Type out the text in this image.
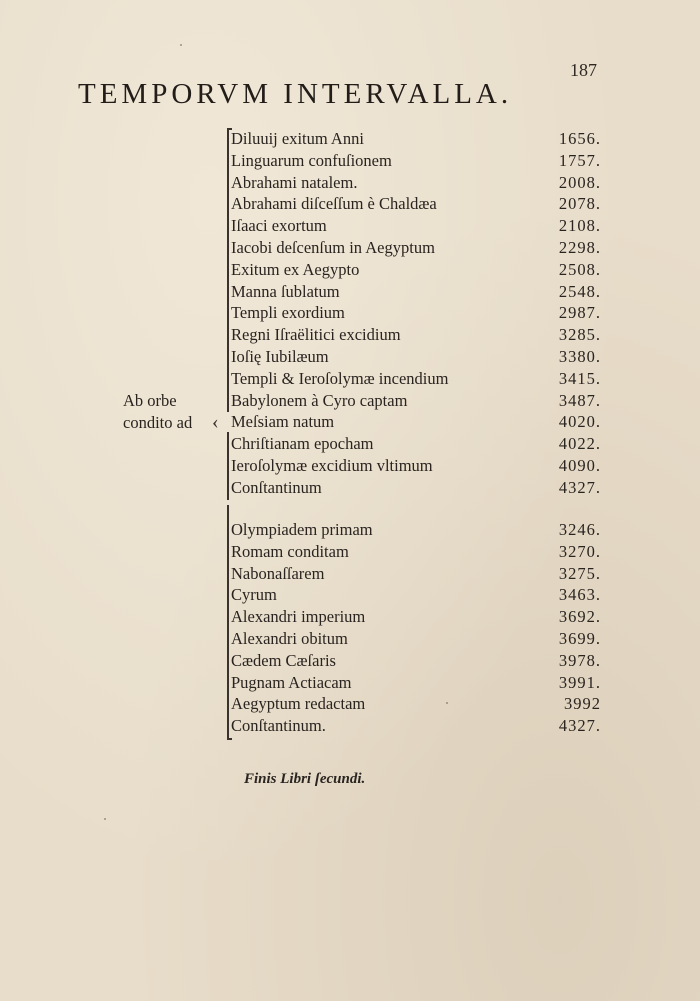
187
TEMPORVM INTERVALLA.
Ab orbe
condito ad ‹
Diluuij exitum Anni	1656.
Linguarum confuſionem	1757.
Abrahami natalem.	2008.
Abrahami diſceſſum è Chaldæa	2078.
Iſaaci exortum	2108.
Iacobi deſcenſum in Aegyptum	2298.
Exitum ex Aegypto	2508.
Manna ſublatum	2548.
Templi exordium	2987.
Regni Iſraëlitici excidium	3285.
Ioſię Iubilæum	3380.
Templi & Ieroſolymæ incendium	3415.
Babylonem à Cyro captam	3487.
Meſsiam natum	4020.
Chriſtianam epocham	4022.
Ieroſolymæ excidium vltimum	4090.
Conſtantinum	4327.
Olympiadem primam	3246.
Romam conditam	3270.
Nabonaſſarem	3275.
Cyrum	3463.
Alexandri imperium	3692.
Alexandri obitum	3699.
Cædem Cæſaris	3978.
Pugnam Actiacam	3991.
Aegyptum redactam	3992
Conſtantinum.	4327.
Finis Libri ſecundi.
